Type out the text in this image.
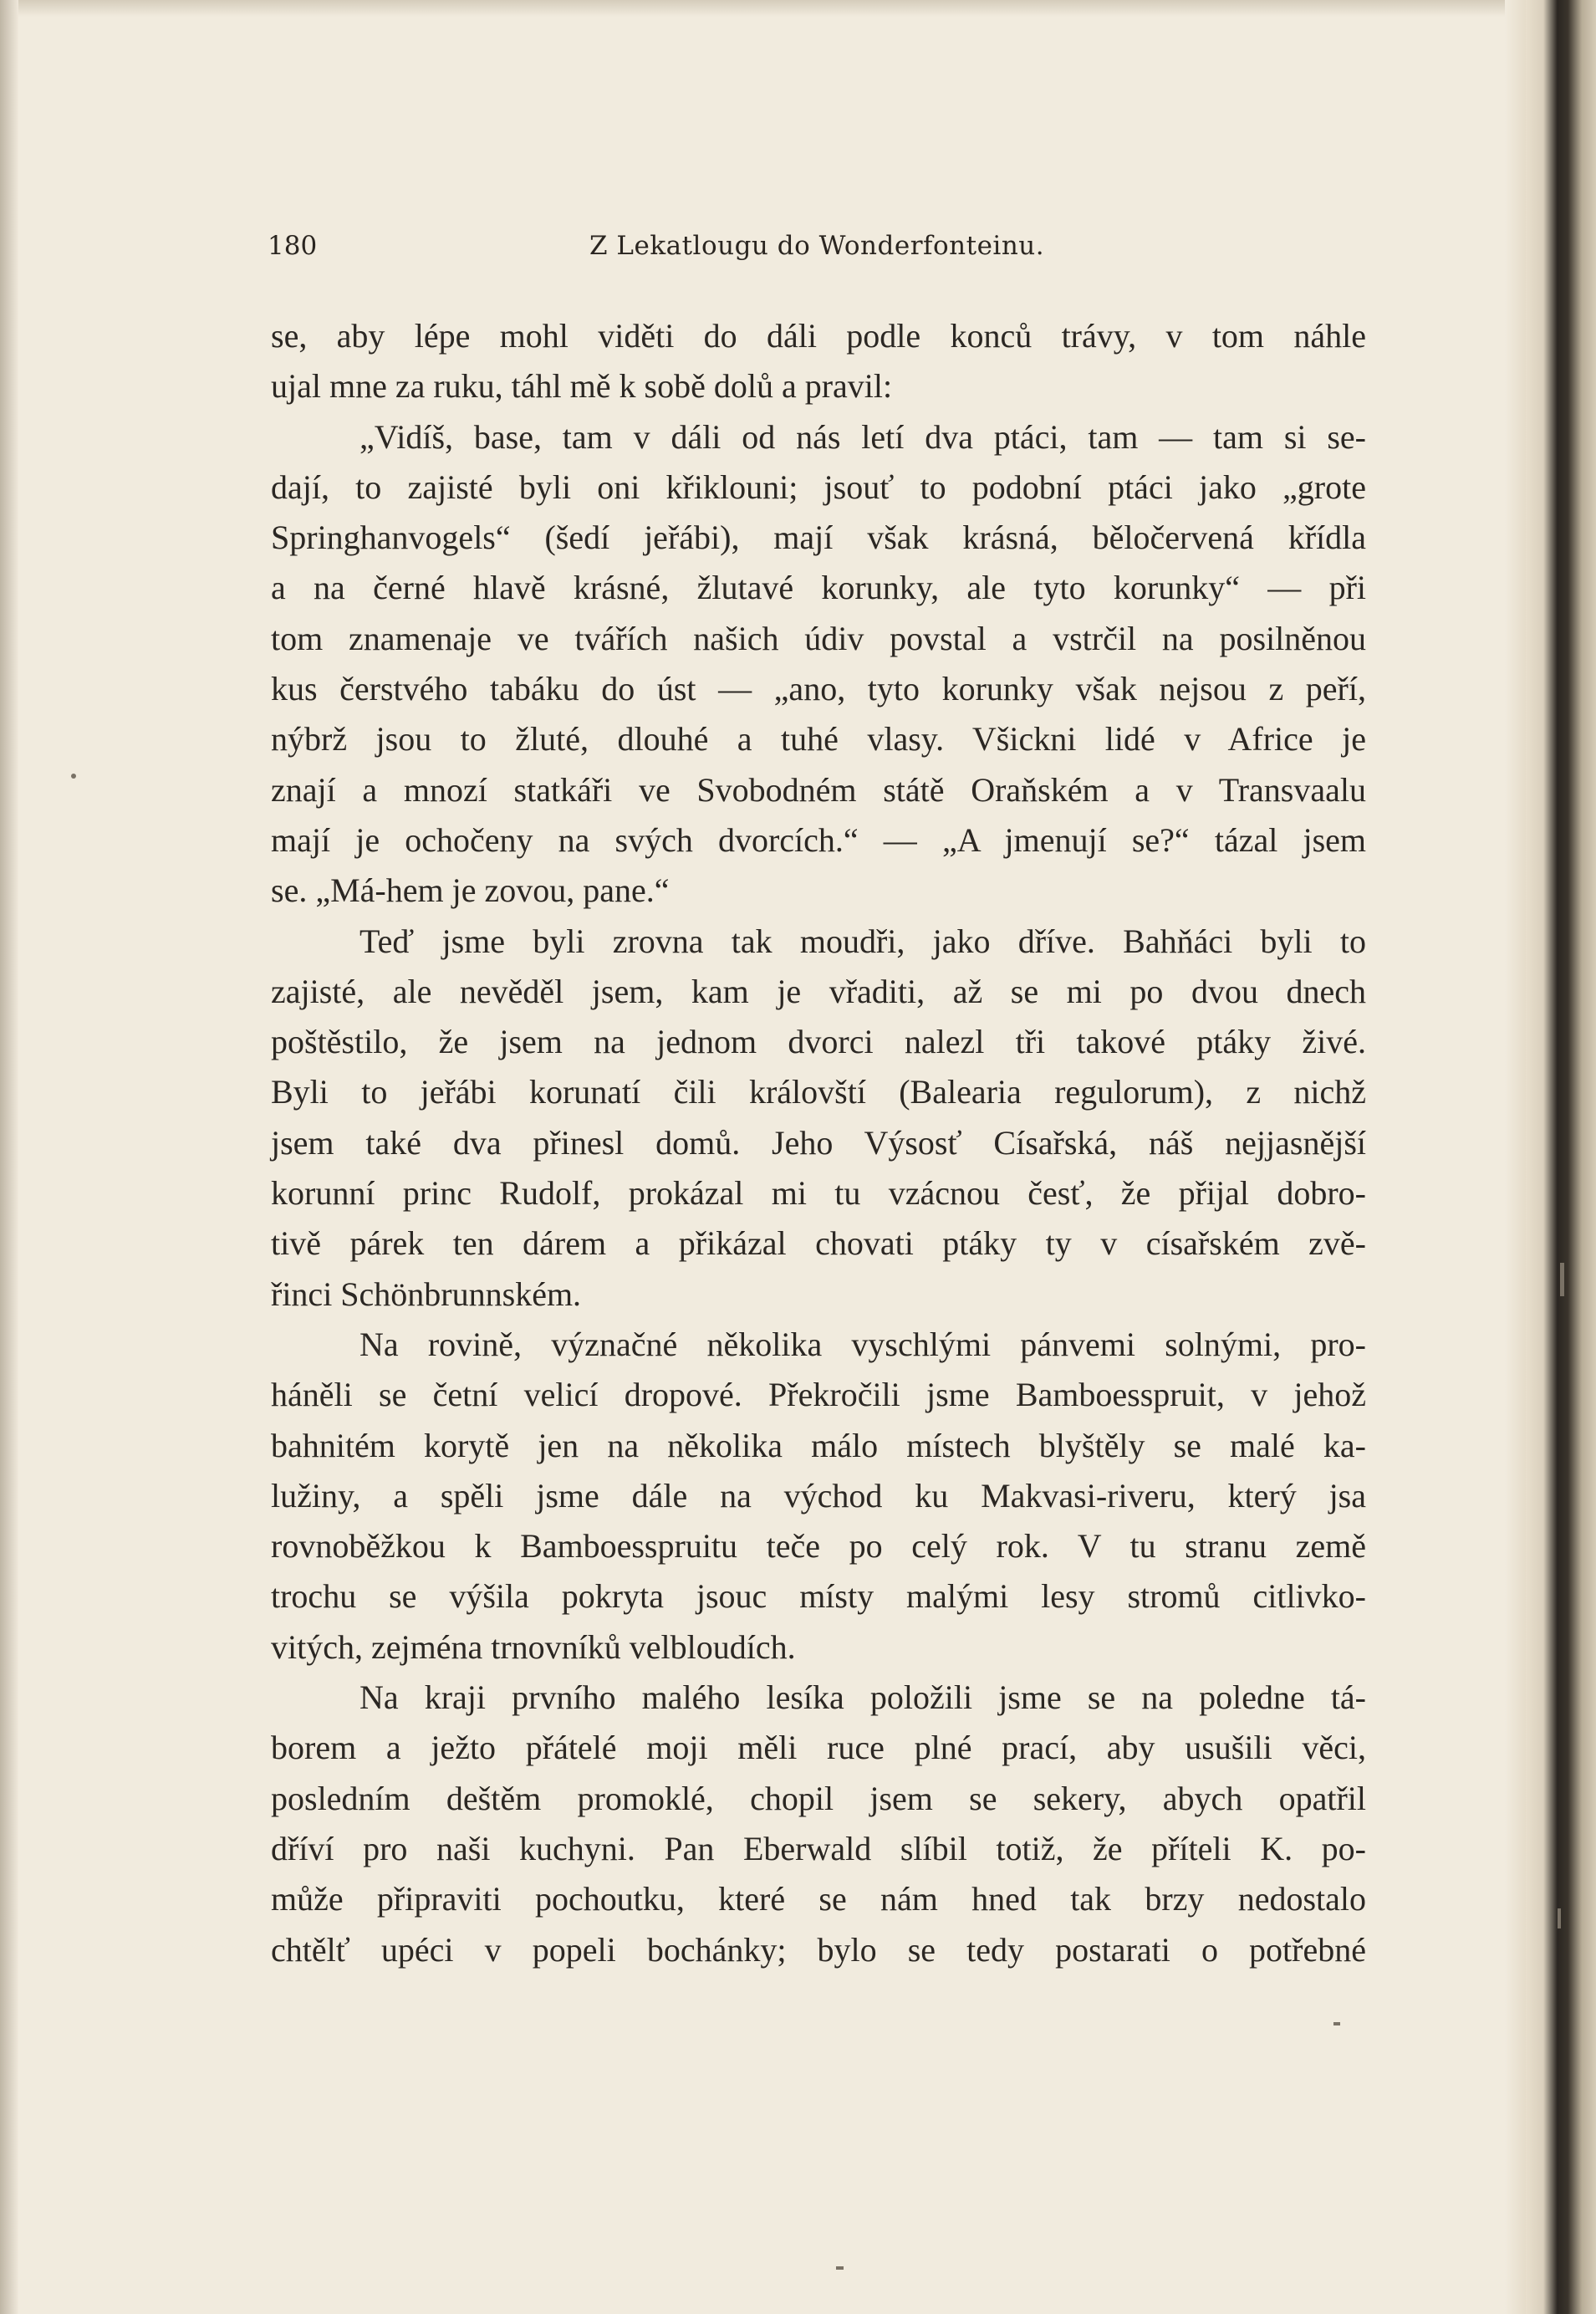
180	Z Lekatlougu do Wonderfonteinu.
se, aby lépe mohl viděti do dáli podle konců trávy, v tom náhle
ujal mne za ruku, táhl mě k sobě dolů a pravil:
„Vidíš, base, tam v dáli od nás letí dva ptáci, tam — tam si se-
dají, to zajisté byli oni křiklouni; jsouť to podobní ptáci jako „grote
Springhanvogels“ (šedí jeřábi), mají však krásná, běločervená křídla
a na černé hlavě krásné, žlutavé korunky, ale tyto korunky“ — při
tom znamenaje ve tvářích našich údiv povstal a vstrčil na posilněnou
kus čerstvého tabáku do úst — „ano, tyto korunky však nejsou z peří,
nýbrž jsou to žluté, dlouhé a tuhé vlasy. Všickni lidé v Africe je
znají a mnozí statkáři ve Svobodném státě Oraňském a v Transvaalu
mají je ochočeny na svých dvorcích.“ — „A jmenují se?“ tázal jsem
se. „Má-hem je zovou, pane.“
Teď jsme byli zrovna tak moudři, jako dříve. Bahňáci byli to
zajisté, ale nevěděl jsem, kam je vřaditi, až se mi po dvou dnech
poštěstilo, že jsem na jednom dvorci nalezl tři takové ptáky živé.
Byli to jeřábi korunatí čili královští (Balearia regulorum), z nichž
jsem také dva přinesl domů. Jeho Výsosť Císařská, náš nejjasnější
korunní princ Rudolf, prokázal mi tu vzácnou česť, že přijal dobro-
tivě párek ten dárem a přikázal chovati ptáky ty v císařském zvě-
řinci Schönbrunnském.
Na rovině, význačné několika vyschlými pánvemi solnými, pro-
háněli se četní velicí dropové. Překročili jsme Bamboesspruit, v jehož
bahnitém korytě jen na několika málo místech blyštěly se malé ka-
lužiny, a spěli jsme dále na východ ku Makvasi-riveru, který jsa
rovnoběžkou k Bamboesspruitu teče po celý rok. V tu stranu země
trochu se výšila pokryta jsouc místy malými lesy stromů citlivko-
vitých, zejména trnovníků velbloudích.
Na kraji prvního malého lesíka položili jsme se na poledne tá-
borem a ježto přátelé moji měli ruce plné prací, aby usušili věci,
posledním deštěm promoklé, chopil jsem se sekery, abych opatřil
dříví pro naši kuchyni. Pan Eberwald slíbil totiž, že příteli K. po-
může připraviti pochoutku, které se nám hned tak brzy nedostalo
chtělť upéci v popeli bochánky; bylo se tedy postarati o potřebné
